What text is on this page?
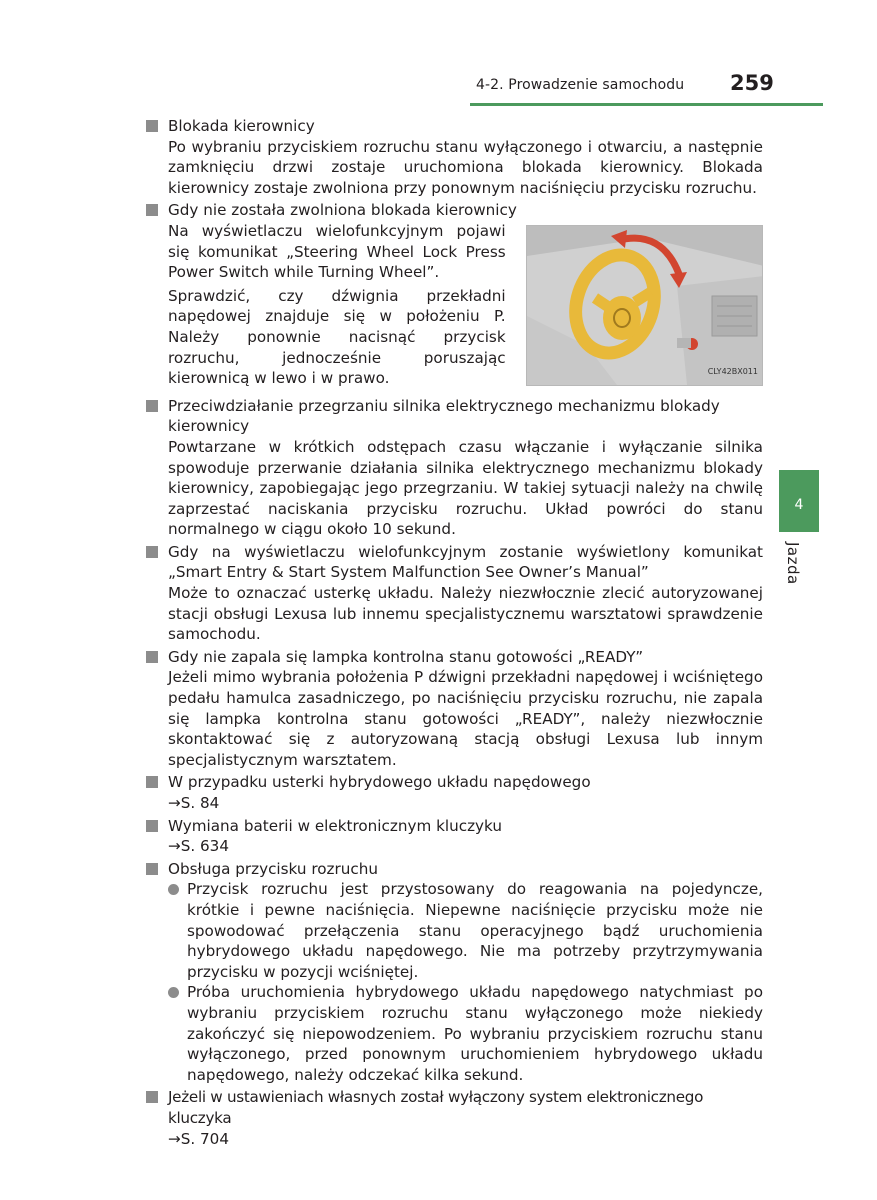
4-2. Prowadzenie samochodu 259
4
Jazda
Blokada kierownicy
Po wybraniu przyciskiem rozruchu stanu wyłączonego i otwarciu, a następnie zamknięciu drzwi zostaje uruchomiona blokada kierownicy. Blokada kierownicy zostaje zwolniona przy ponownym naciśnięciu przycisku rozruchu.
Gdy nie została zwolniona blokada kierownicy

Na wyświetlaczu wielofunkcyjnym pojawi się komunikat „Steering Wheel Lock Press Power Switch while Turning Wheel”.

Sprawdzić, czy dźwignia przekładni napędowej znajduje się w położeniu P. Należy ponownie nacisnąć przycisk rozruchu, jednocześnie poruszając kierownicą w lewo i w prawo.	CLY42BX011
Przeciwdziałanie przegrzaniu silnika elektrycznego mechanizmu blokady kierownicy
Powtarzane w krótkich odstępach czasu włączanie i wyłączanie silnika spowoduje przerwanie działania silnika elektrycznego mechanizmu blokady kierownicy, zapobiegając jego przegrzaniu. W takiej sytuacji należy na chwilę zaprzestać naciskania przycisku rozruchu. Układ powróci do stanu normalnego w ciągu około 10 sekund.
Gdy na wyświetlaczu wielofunkcyjnym zostanie wyświetlony komunikat „Smart Entry & Start System Malfunction See Owner’s Manual”
Może to oznaczać usterkę układu. Należy niezwłocznie zlecić autoryzowanej stacji obsługi Lexusa lub innemu specjalistycznemu warsztatowi sprawdzenie samochodu.
Gdy nie zapala się lampka kontrolna stanu gotowości „READY”
Jeżeli mimo wybrania położenia P dźwigni przekładni napędowej i wciśniętego pedału hamulca zasadniczego, po naciśnięciu przycisku rozruchu, nie zapala się lampka kontrolna stanu gotowości „READY”, należy niezwłocznie skontaktować się z autoryzowaną stacją obsługi Lexusa lub innym specjalistycznym warsztatem.
W przypadku usterki hybrydowego układu napędowego
→S. 84
Wymiana baterii w elektronicznym kluczyku
→S. 634
Obsługa przycisku rozruchu
Przycisk rozruchu jest przystosowany do reagowania na pojedyncze, krótkie i pewne naciśnięcia. Niepewne naciśnięcie przycisku może nie spowodować przełączenia stanu operacyjnego bądź uruchomienia hybrydowego układu napędowego. Nie ma potrzeby przytrzymywania przycisku w pozycji wciśniętej.
Próba uruchomienia hybrydowego układu napędowego natychmiast po wybraniu przyciskiem rozruchu stanu wyłączonego może niekiedy zakończyć się niepowodzeniem. Po wybraniu przyciskiem rozruchu stanu wyłączonego, przed ponownym uruchomieniem hybrydowego układu napędowego, należy odczekać kilka sekund.
Jeżeli w ustawieniach własnych został wyłączony system elektronicznego kluczyka
→S. 704
